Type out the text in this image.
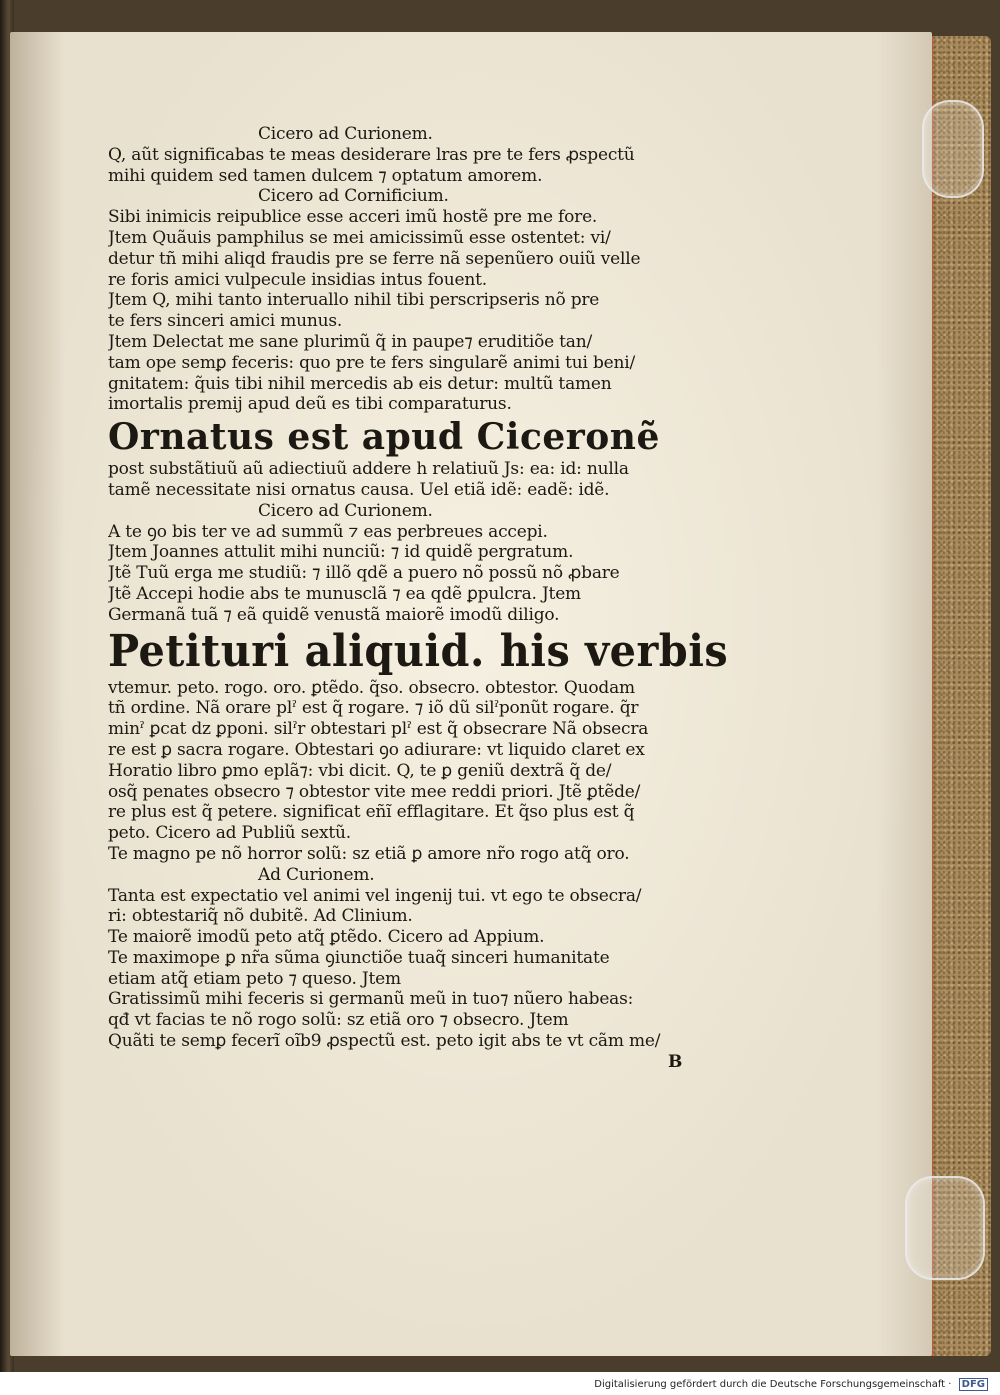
Cicero ad Curionem.
Q, aũt significabas te meas desiderare lras pre te fers ꝓspectũ
mihi quidem sed tamen dulcem ⁊ optatum amorem.
Cicero ad Cornificium.
Sibi inimicis reipublice esse acceri imũ hostẽ pre me fore.
Jtem Quãuis pamphilus se mei amicissimũ esse ostentet: vi/
detur tñ mihi aliqd fraudis pre se ferre nã sepenũero ouiũ velle
re foris amici vulpecule insidias intus fouent.
Jtem Q, mihi tanto interuallo nihil tibi perscripseris nõ pre
te fers sinceri amici munus.
Jtem Delectat me sane plurimũ q̃ in paupe⁊ eruditiõe tan/
tam ope semꝑ feceris: quo pre te fers singularẽ animi tui beni/
gnitatem: q̃uis tibi nihil mercedis ab eis detur: multũ tamen
imortalis premij apud deũ es tibi comparaturus.
Ornatus est apud Ciceronẽ
post substãtiuũ aũ adiectiuũ addere h relatiuũ Js: ea: id: nulla
tamẽ necessitate nisi ornatus causa. Uel etiã idẽ: eadẽ: idẽ.
Cicero ad Curionem.
A te ꝯo bis ter ve ad summũ ⁊ eas perbreues accepi.
Jtem Joannes attulit mihi nunciũ: ⁊ id quidẽ pergratum.
Jtẽ Tuũ erga me studiũ: ⁊ illõ qdẽ a puero nõ possũ nõ ꝓbare
Jtẽ Accepi hodie abs te munusclã ⁊ ea qdẽ ꝑpulcra. Jtem
Germanã tuã ⁊ eã quidẽ venustã maiorẽ imodũ diligo.
Petituri aliquid. his verbis
vtemur. peto. rogo. oro. ꝑtẽdo. q̃so. obsecro. obtestor. Quodam
tñ ordine. Nã orare plˀ est q̃ rogare. ⁊ iõ dũ silˀponũt rogare. q̃r
minˀ ꝑcat dz ꝑponi. silˀr obtestari plˀ est q̃ obsecrare Nã obsecra
re est ꝑ sacra rogare. Obtestari ꝯo adiurare: vt liquido claret ex
Horatio libro ꝑmo eplã⁊: vbi dicit. Q, te ꝑ geniũ dextrã q̃ de/
osq̃ penates obsecro ⁊ obtestor vite mee reddi priori. Jtẽ ꝑtẽde/
re plus est q̃ petere. significat eñĩ efflagitare. Et q̃so plus est q̃
peto. Cicero ad Publiũ sextũ.
Te magno pe nõ horror solũ: sz etiã ꝑ amore nr̃o rogo atq̃ oro.
Ad Curionem.
Tanta est expectatio vel animi vel ingenij tui. vt ego te obsecra/
ri: obtestariq̃ nõ dubitẽ. Ad Clinium.
Te maiorẽ imodũ peto atq̃ ꝑtẽdo. Cicero ad Appium.
Te maximope ꝑ nr̃a sũma ꝯiunctiõe tuaq̃ sinceri humanitate
etiam atq̃ etiam peto ⁊ queso. Jtem
Gratissimũ mihi feceris si germanũ meũ in tuo⁊ nũero habeas:
qđ vt facias te nõ rogo solũ: sz etiã oro ⁊ obsecro. Jtem
Quãti te semꝑ fecerĩ oĩb9 ꝓspectũ est. peto igit abs te vt cãm me/
B
Digitalisierung gefördert durch die Deutsche Forschungsgemeinschaft · DFG
